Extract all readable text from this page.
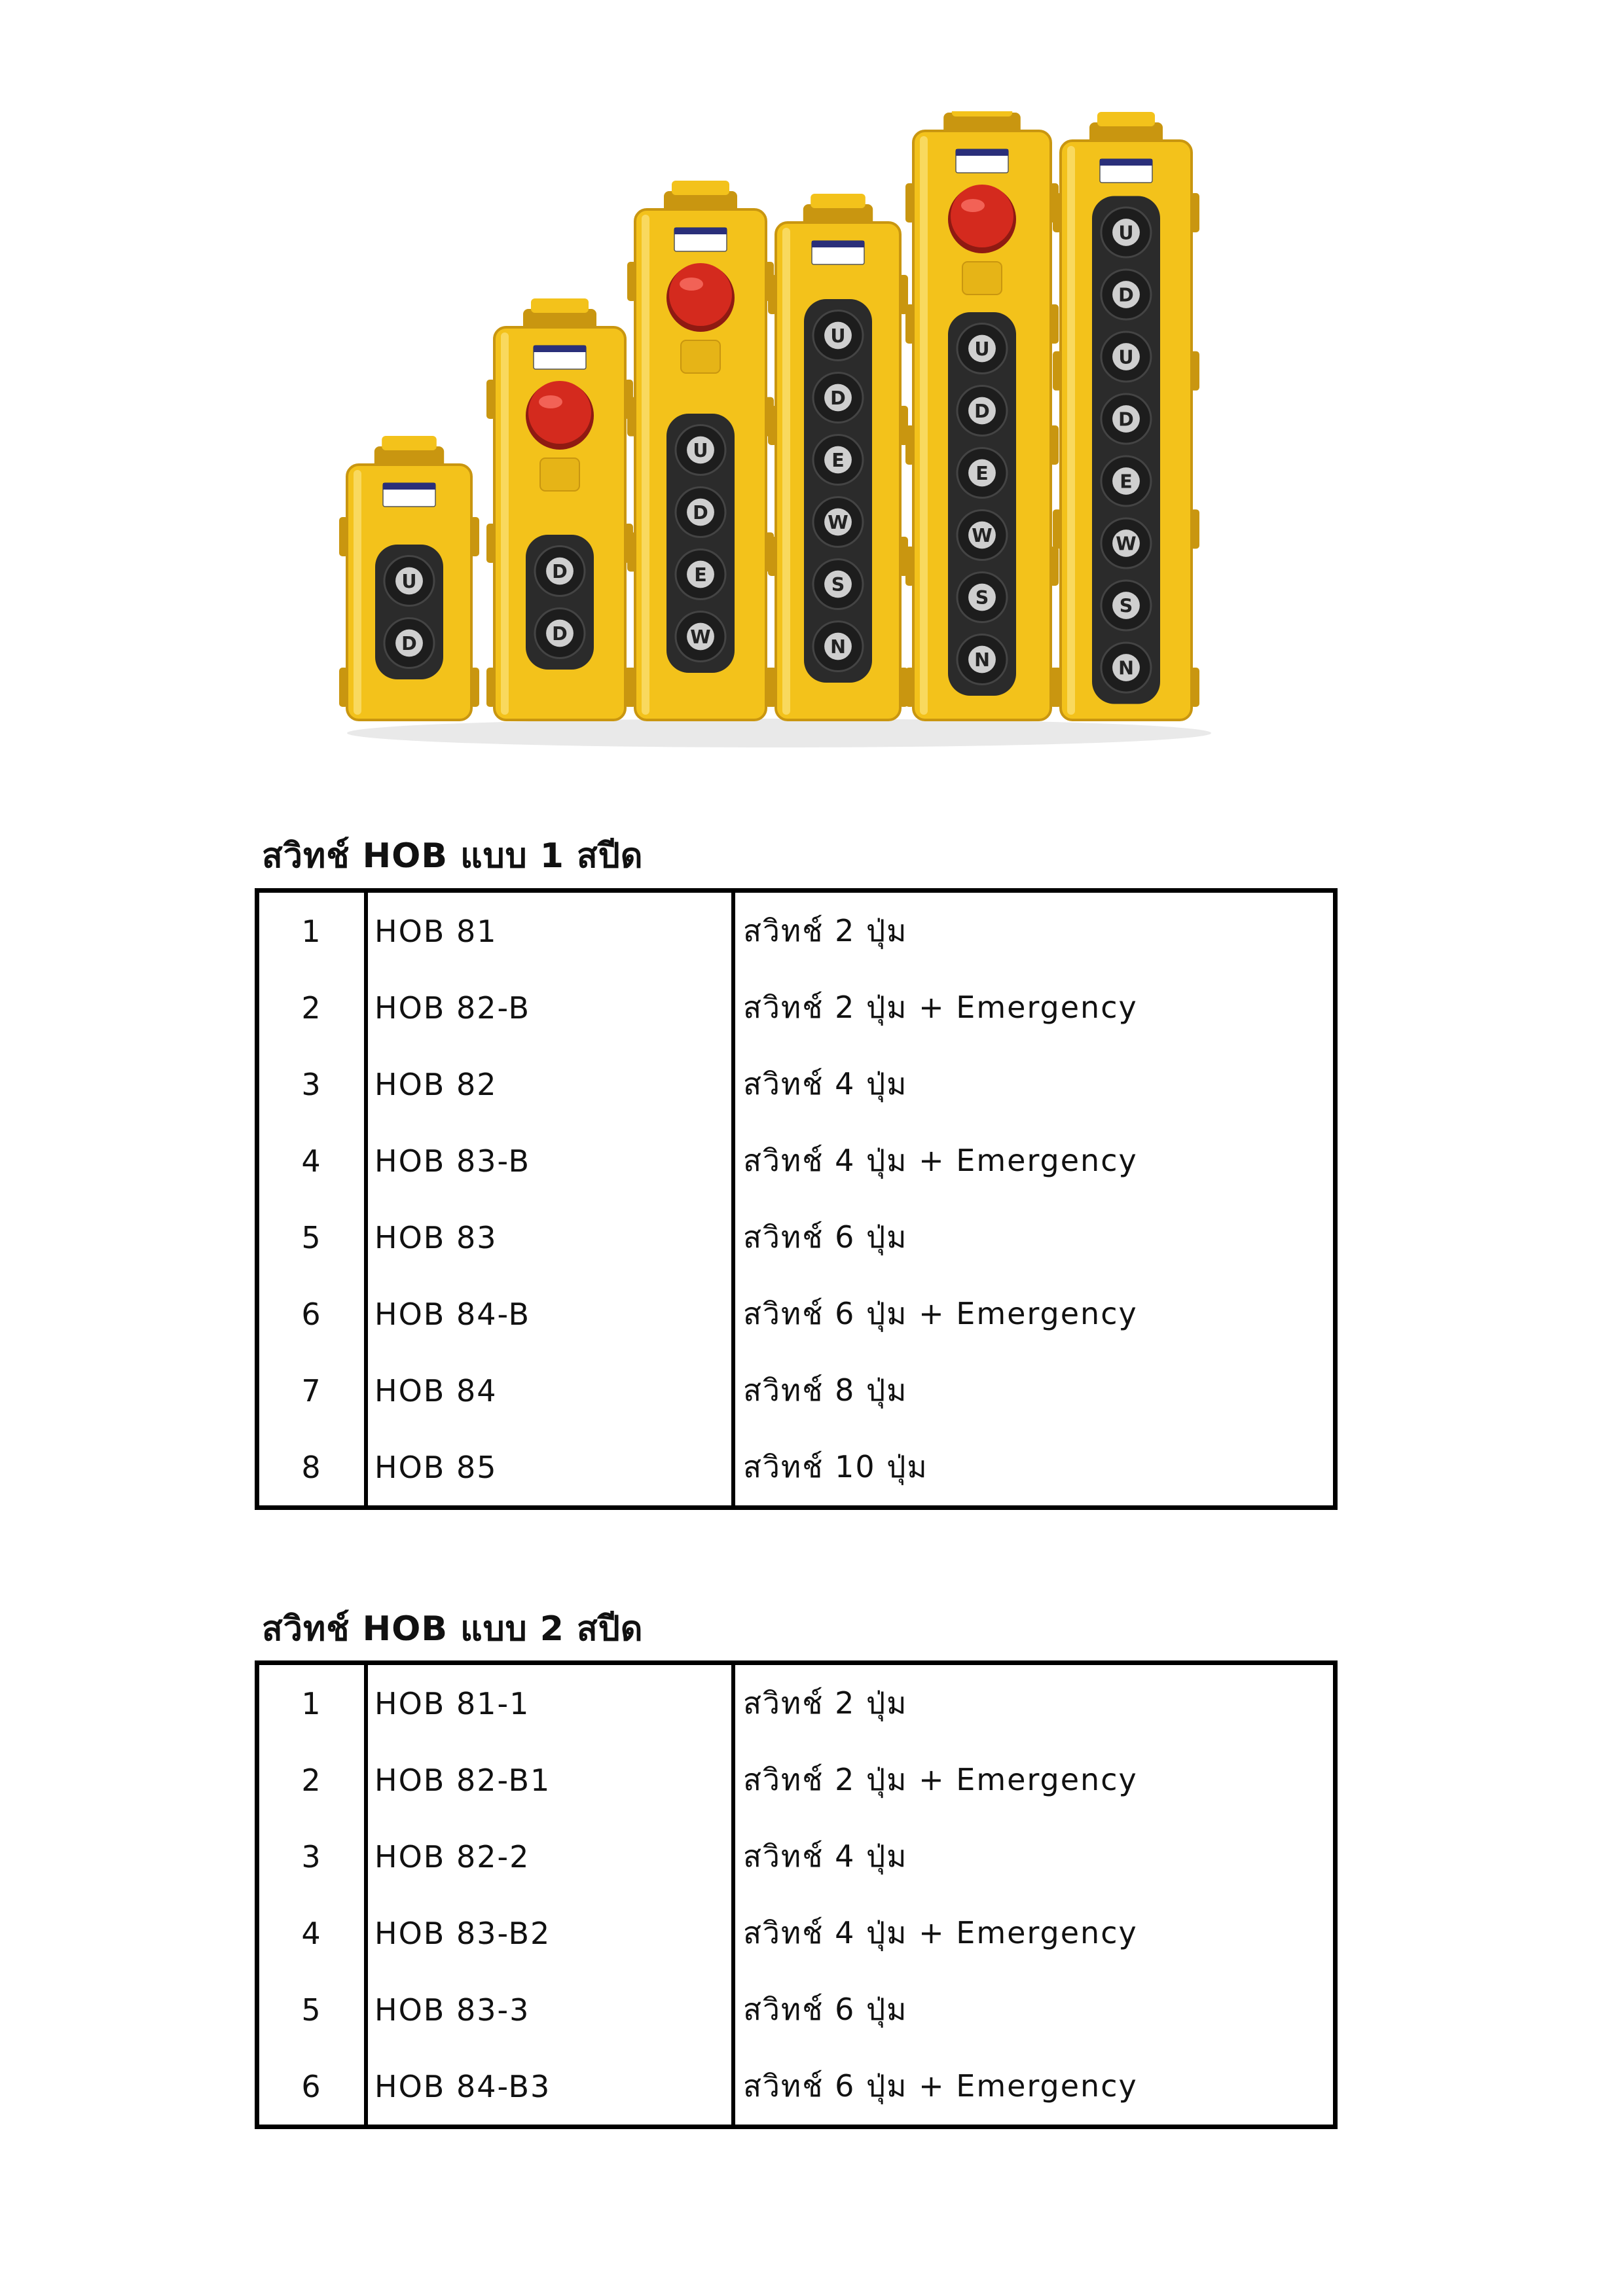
U
D
D
D
U
D
E
W
U
D
E
W
S
N
U
D
E
W
S
N
U
D
U
D
E
W
S
N
สวิทช์ HOB แบบ 1 สปีด
1	HOB 81	สวิทช์ 2 ปุ่ม
2	HOB 82-B	สวิทช์ 2 ปุ่ม + Emergency
3	HOB 82	สวิทช์ 4 ปุ่ม
4	HOB 83-B	สวิทช์ 4 ปุ่ม + Emergency
5	HOB 83	สวิทช์ 6 ปุ่ม
6	HOB 84-B	สวิทช์ 6 ปุ่ม + Emergency
7	HOB 84	สวิทช์ 8 ปุ่ม
8	HOB 85	สวิทช์ 10 ปุ่ม
สวิทช์ HOB แบบ 2 สปีด
1	HOB 81-1	สวิทช์ 2 ปุ่ม
2	HOB 82-B1	สวิทช์ 2 ปุ่ม + Emergency
3	HOB 82-2	สวิทช์ 4 ปุ่ม
4	HOB 83-B2	สวิทช์ 4 ปุ่ม + Emergency
5	HOB 83-3	สวิทช์ 6 ปุ่ม
6	HOB 84-B3	สวิทช์ 6 ปุ่ม + Emergency
